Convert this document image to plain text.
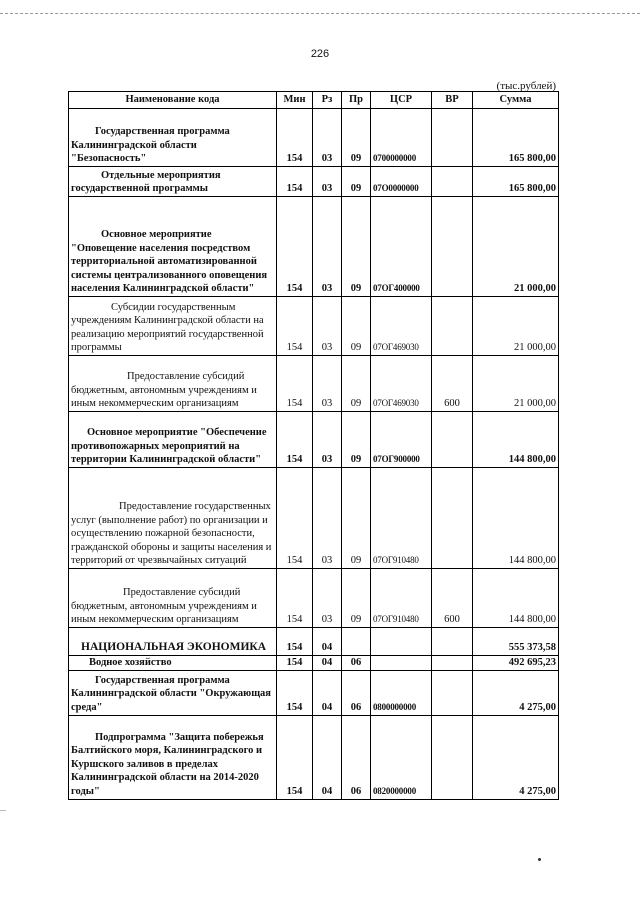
226
(тыс.рублей)
Наименование кода	Мин	Рз	Пр	ЦСР	ВР	Сумма
Государственная программа Калининградской области "Безопасность"	154	03	09	0700000000		165 800,00
Отдельные мероприятия государственной программы	154	03	09	07O0000000		165 800,00
Основное мероприятие "Оповещение населения посредством территориальной автоматизированной системы централизованного оповещения населения Калининградской области"	154	03	09	07OГ400000		21 000,00
Субсидии государственным учреждениям Калининградской области на реализацию мероприятий государственной программы	154	03	09	07OГ469030		21 000,00
Предоставление субсидий бюджетным, автономным учреждениям и иным некоммерческим организациям	154	03	09	07OГ469030	600	21 000,00
Основное мероприятие "Обеспечение противопожарных мероприятий на территории Калининградской области"	154	03	09	07OГ900000		144 800,00
Предоставление государственных услуг (выполнение работ) по организации и осуществлению пожарной безопасности, гражданской обороны и защиты населения и территорий от чрезвычайных ситуаций	154	03	09	07OГ910480		144 800,00
Предоставление субсидий бюджетным, автономным учреждениям и иным некоммерческим организациям	154	03	09	07OГ910480	600	144 800,00
НАЦИОНАЛЬНАЯ ЭКОНОМИКА	154	04				555 373,58
Водное хозяйство	154	04	06			492 695,23
Государственная программа Калининградской области "Окружающая среда"	154	04	06	0800000000		4 275,00
Подпрограмма "Защита побережья Балтийского моря, Калининградского и Куршского заливов в пределах Калининградской области на 2014-2020 годы"	154	04	06	0820000000		4 275,00
